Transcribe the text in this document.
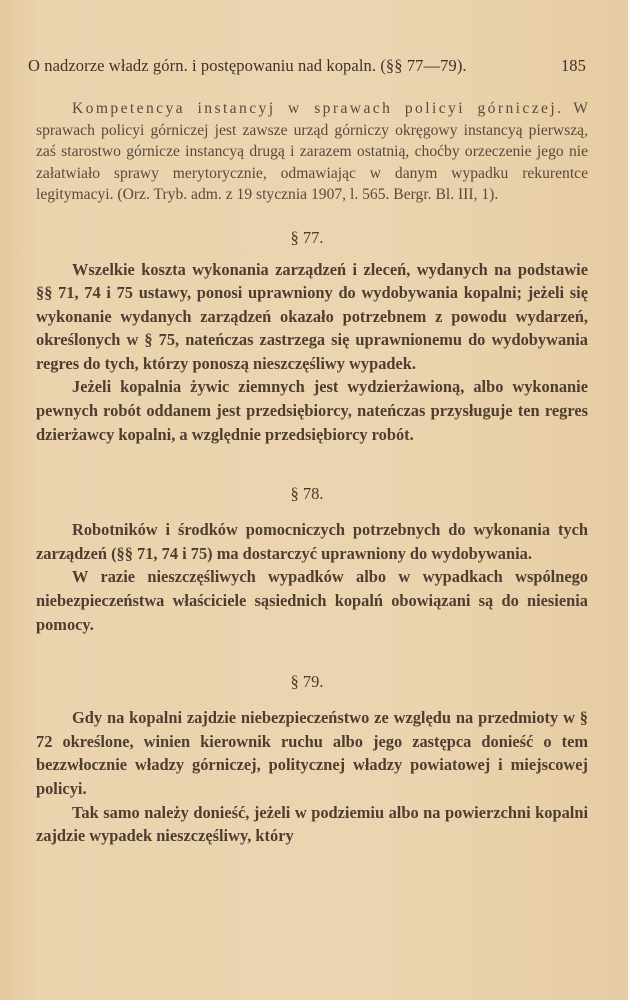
O nadzorze władz górn. i postępowaniu nad kopaln. (§§ 77—79).	185

Kompetencya instancyj w sprawach policyi górniczej. W sprawach policyi górniczej jest zawsze urząd górniczy okręgowy instancyą pierwszą, zaś starostwo górnicze instancyą drugą i zarazem ostatnią, choćby orzeczenie jego nie załatwiało sprawy merytorycznie, odmawiając w danym wypadku rekurentce legitymacyi. (Orz. Tryb. adm. z 19 stycznia 1907, l. 565. Bergr. Bl. III, 1).

§ 77.

Wszelkie koszta wykonania zarządzeń i zleceń, wydanych na podstawie §§ 71, 74 i 75 ustawy, ponosi uprawniony do wydobywania kopalni; jeżeli się wykonanie wydanych zarządzeń okazało potrzebnem z powodu wydarzeń, określonych w § 75, nateńczas zastrzega się uprawnionemu do wydobywania regres do tych, którzy ponoszą nieszczęśliwy wypadek.

Jeżeli kopalnia żywic ziemnych jest wydzierżawioną, albo wykonanie pewnych robót oddanem jest przedsiębiorcy, nateńczas przysługuje ten regres dzierżawcy kopalni, a względnie przedsiębiorcy robót.

§ 78.

Robotników i środków pomocniczych potrzebnych do wykonania tych zarządzeń (§§ 71, 74 i 75) ma dostarczyć uprawniony do wydobywania.

W razie nieszczęśliwych wypadków albo w wypadkach wspólnego niebezpieczeństwa właściciele sąsiednich kopalń obowiązani są do niesienia pomocy.

§ 79.

Gdy na kopalni zajdzie niebezpieczeństwo ze względu na przedmioty w § 72 określone, winien kierownik ruchu albo jego zastępca donieść o tem bezzwłocznie władzy górniczej, politycznej władzy powiatowej i miejscowej policyi.

Tak samo należy donieść, jeżeli w podziemiu albo na powierzchni kopalni zajdzie wypadek nieszczęśliwy, który
